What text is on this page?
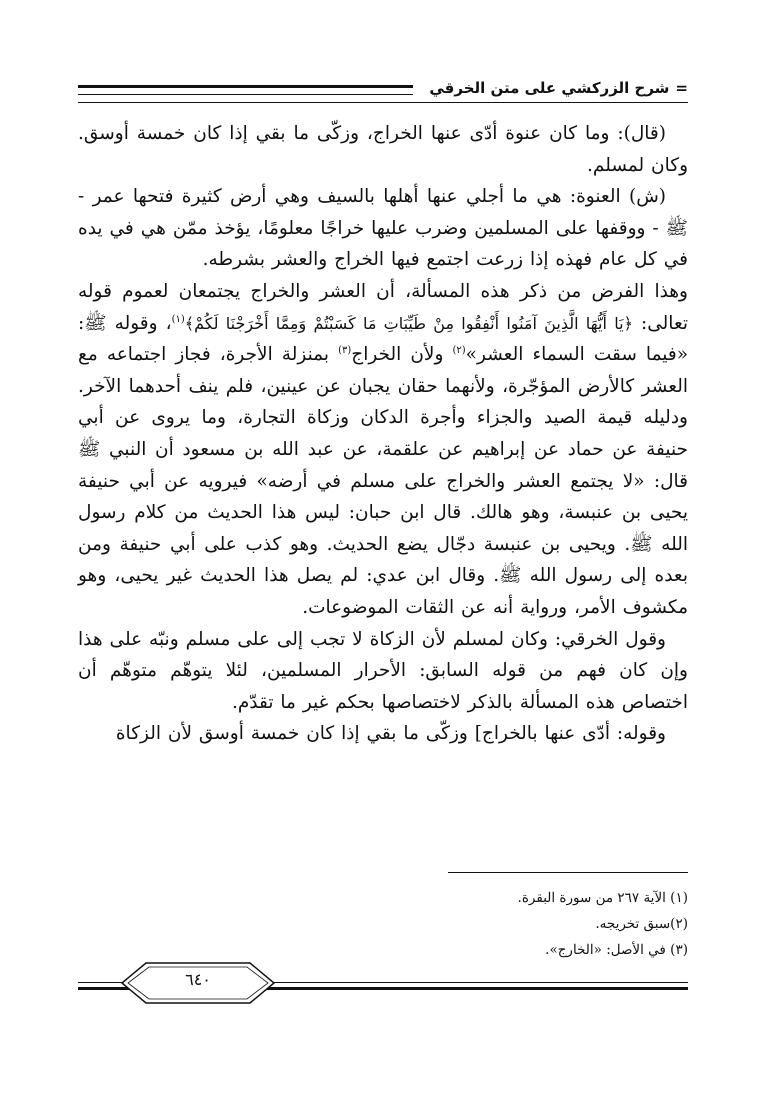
=شرح الزركشي على متن الخرقي

(قال): وما كان عنوة أدّى عنها الخراج، وزكّى ما بقي إذا كان خمسة أوسق. وكان لمسلم.

(ش) العنوة: هي ما أجلي عنها أهلها بالسيف وهي أرض كثيرة فتحها عمر - ﷺ - ووقفها على المسلمين وضرب عليها خراجًا معلومًا، يؤخذ ممّن هي في يده في كل عام فهذه إذا زرعت اجتمع فيها الخراج والعشر بشرطه.

وهذا الفرض من ذكر هذه المسألة، أن العشر والخراج يجتمعان لعموم قوله تعالى: ﴿يَا أَيُّهَا الَّذِينَ آمَنُوا أَنْفِقُوا مِنْ طَيِّبَاتِ مَا كَسَبْتُمْ وَمِمَّا أَخْرَجْنَا لَكُمْ﴾$^{(١)}$، وقوله ﷺ: «فيما سقت السماء العشر»$^{(٢)}$ ولأن الخراج$^{(٣)}$ بمنزلة الأجرة، فجاز اجتماعه مع العشر كالأرض المؤجّرة، ولأنهما حقان يجبان عن عينين، فلم ينف أحدهما الآخر. ودليله قيمة الصيد والجزاء وأجرة الدكان وزكاة التجارة، وما يروى عن أبي حنيفة عن حماد عن إبراهيم عن علقمة، عن عبد الله بن مسعود أن النبي ﷺ قال: «لا يجتمع العشر والخراج على مسلم في أرضه» فيرويه عن أبي حنيفة يحيى بن عنبسة، وهو هالك. قال ابن حبان: ليس هذا الحديث من كلام رسول الله ﷺ. ويحيى بن عنبسة دجّال يضع الحديث. وهو كذب على أبي حنيفة ومن بعده إلى رسول الله ﷺ. وقال ابن عدي: لم يصل هذا الحديث غير يحيى، وهو مكشوف الأمر، ورواية أنه عن الثقات الموضوعات.

وقول الخرقي: وكان لمسلم لأن الزكاة لا تجب إلى على مسلم ونبّه على هذا وإن كان فهم من قوله السابق: الأحرار المسلمين، لئلا يتوهّم متوهّم أن اختصاص هذه المسألة بالذكر لاختصاصها بحكم غير ما تقدّم.

وقوله: أدّى عنها بالخراج] وزكّى ما بقي إذا كان خمسة أوسق لأن الزكاة

(١) الآية ٢٦٧ من سورة البقرة.
(٢)سبق تخريجه.
(٣) في الأصل: «الخارج».
٦٤٠
